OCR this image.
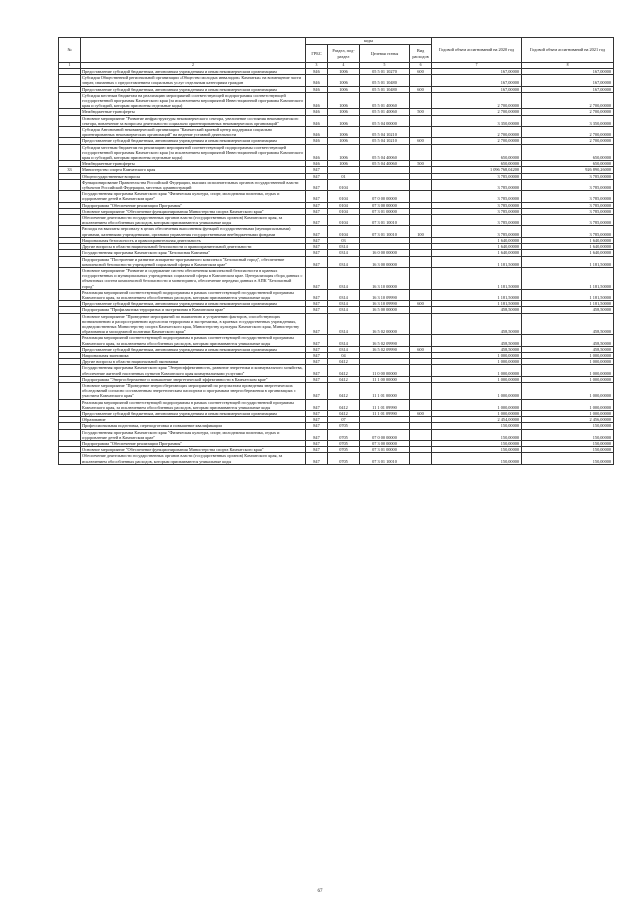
№		коды				Годовой объем ассигнований на 2020 год	Годовой объем ассигнований на 2021 год
		ГРБС	Раздел, под-раздел	Целевая статья	Вид расходов		
1	2	3	4	5	6	7	8
	Предоставление субсидий бюджетным, автономным учреждениям и иным некоммерческим организациям	846	1006	05 5 01 10270	600	167,00000	167,00000
	Субсидия Общественной региональной организации «Общество молодых инвалидов» Камчатки» на возмещение части затрат, связанных с предоставлением социальных услуг отдельным категориям граждан	846	1006	05 5 01 10480		167,00000	167,00000
	Предоставление субсидий бюджетным, автономным учреждениям и иным некоммерческим организациям	846	1006	05 5 01 10480	600	167,00000	167,00000
	Субсидия местным бюджетам на реализацию мероприятий соответствующей подпрограммы соответствующей государственной программы Камчатского края (за исключением мероприятий Инвестиционной программы Камчатского края и субсидий, которым присвоены отдельные коды)	846	1006	05 5 01 40060		2 700,00000	2 700,00000
	Межбюджетные трансферты	846	1006	05 5 01 40060	500	2 700,00000	2 700,00000
	Основное мероприятие "Развитие инфраструктуры некоммерческого сектора, увеличение состояния некоммерческого сектора, вовлечение за вопросам деятельности социально ориентированных некоммерческих организаций"	846	1006	05 5 04 00000		3 350,00000	3 350,00000
	Субсидия Автономной некоммерческой организации "Камчатский краевой центр поддержки социально ориентированных некоммерческих организаций" на ведение уставной деятельности	846	1006	05 5 04 10210		2 700,00000	2 700,00000
	Предоставление субсидий бюджетным, автономным учреждениям и иным некоммерческим организациям	846	1006	05 5 04 10210	600	2 700,00000	2 700,00000
	Субсидии местным бюджетам на реализацию мероприятий соответствующей подпрограммы соответствующей государственной программы Камчатского края (за исключением мероприятий Инвестиционной программы Камчатского края и субсидий, которым присвоены отдельные коды)	846	1006	05 5 04 40060		650,00000	650,00000
	Межбюджетные трансферты	846	1006	05 5 04 40060	500	650,00000	650,00000
33	Министерство спорта Камчатского края	847				1 096 768,04200	926 890,26000
	Общегосударственные вопросы	847	01			3 785,00000	3 785,00000
	Функционирование Правительства Российской Федерации, высших исполнительных органов государственной власти субъектов Российской Федерации, местных администраций	847	0104			3 785,00000	3 785,00000
	Государственная программа Камчатского края "Физическая культура, спорт, молодежная политика, отдых и оздоровление детей в Камчатском крае"	847	0104	07 0 00 00000		3 785,00000	3 785,00000
	Подпрограмма "Обеспечение реализации Программы"	847	0104	07 3 00 00000		3 785,00000	3 785,00000
	Основное мероприятие "Обеспечение функционирования Министерства спорта Камчатского края"	847	0104	07 3 01 00000		3 785,00000	3 785,00000
	Обеспечение деятельности государственных органов власти (государственных органов) Камчатского края, за исключением обособленных расходов, которым присваиваются уникальные коды	847	0104	07 3 01 10010		3 785,00000	3 785,00000
	Расходы на выплаты персоналу в целях обеспечения выполнения функций государственными (муниципальными) органами, казенными учреждениями, органами управления государственными внебюджетными фондами	847	0104	07 3 01 10010	100	3 785,00000	3 785,00000
	Национальная безопасность и правоохранительная деятельность	847	03			1 640,00000	1 640,00000
	Другие вопросы в области национальной безопасности и правоохранительной деятельности	847	0314			1 640,00000	1 640,00000
	Государственная программа Камчатского края "Безопасная Камчатка"	847	0314	16 0 00 00000		1 640,00000	1 640,00000
	Подпрограмма "Построение и развитие аппаратно-программного комплекса "Безопасный город", обеспечение комплексной безопасности учреждений социальной сферы в Камчатском крае"	847	0314	16 3 00 00000		1 181,50000	1 181,50000
	Основное мероприятие "Развитие и содержание систем обеспечения комплексной безопасности в краевых государственных и муниципальных учреждениях социальной сферы в Камчатском крае. Централизация сбора данных с объектовых систем комплексной безопасности и мониторинга, обеспечение передачи данных в АПК "Безопасный город"	847	0314	16 3 10 00000		1 181,50000	1 181,50000
	Реализация мероприятий соответствующей подпрограммы в рамках соответствующей государственной программы Камчатского края, за исключением обособленных расходов, которым присваиваются уникальные коды	847	0314	16 3 10 09990		1 181,50000	1 181,50000
	Предоставление субсидий бюджетным, автономным учреждениям и иным некоммерческим организациям	847	0314	16 3 10 09990	600	1 181,50000	1 181,50000
	Подпрограмма "Профилактика терроризма и экстремизма в Камчатском крае"	847	0314	16 5 00 00000		458,50000	458,50000
	Основное мероприятие "Проведение мероприятий по выявлению и устранению факторов, способствующих возникновению и распространению идеологии терроризма и экстремизма, в краевых государственных учреждениях, подведомственных Министерству спорта Камчатского края, Министерству культуры Камчатского края, Министерству образования и молодежной политики Камчатского края"	847	0314	16 5 02 00000		458,50000	458,50000
	Реализация мероприятий соответствующей подпрограммы в рамках соответствующей государственной программы Камчатского края, за исключением обособленных расходов, которым присваиваются уникальные коды	847	0314	16 5 02 09990		458,50000	458,50000
	Предоставление субсидий бюджетным, автономным учреждениям и иным некоммерческим организациям	847	0314	16 5 02 09990	600	458,50000	458,50000
	Национальная экономика	847	04			1 000,00000	1 000,00000
	Другие вопросы в области национальной экономики	847	0412			1 000,00000	1 000,00000
	Государственная программа Камчатского края "Энергоэффективность, развитие энергетики и коммунального хозяйства, обеспечение жителей населенных пунктов Камчатского края коммунальными услугами"	847	0412	11 0 00 00000		1 000,00000	1 000,00000
	Подпрограмма "Энергосбережение и повышение энергетической эффективности в Камчатском крае"	847	0412	11 1 00 00000		1 000,00000	1 000,00000
	Основное мероприятие "Проведение энергосберегающих мероприятий по результатам проведения энергетических обследований согласно составленным энергетическим паспортам и программам энергосбережения в организациях с участием Камчатского края"	847	0412	11 1 01 00000		1 000,00000	1 000,00000
	Реализация мероприятий соответствующей подпрограммы в рамках соответствующей государственной программы Камчатского края, за исключением обособленных расходов, которым присваиваются уникальные коды	847	0412	11 1 01 09990		1 000,00000	1 000,00000
	Предоставление субсидий бюджетным, автономным учреждениям и иным некоммерческим организациям	847	0412	11 1 01 09990	600	1 000,00000	1 000,00000
	Образование	847	07			2 454,00000	2 456,00000
	Профессиональная подготовка, переподготовка и повышение квалификации	847	0705			150,00000	150,00000
	Государственная программа Камчатского края "Физическая культура, спорт, молодежная политика, отдых и оздоровление детей в Камчатском крае"	847	0705	07 0 00 00000		150,00000	150,00000
	Подпрограмма "Обеспечение реализации Программы"	847	0705	07 3 00 00000		150,00000	150,00000
	Основное мероприятие "Обеспечение функционирования Министерства спорта Камчатского края"	847	0705	07 3 01 00000		150,00000	150,00000
	Обеспечение деятельности государственных органов власти (государственных органов) Камчатского края, за исключением обособленных расходов, которым присваиваются уникальные коды	847	0705	07 3 01 10010		150,00000	150,00000
67
